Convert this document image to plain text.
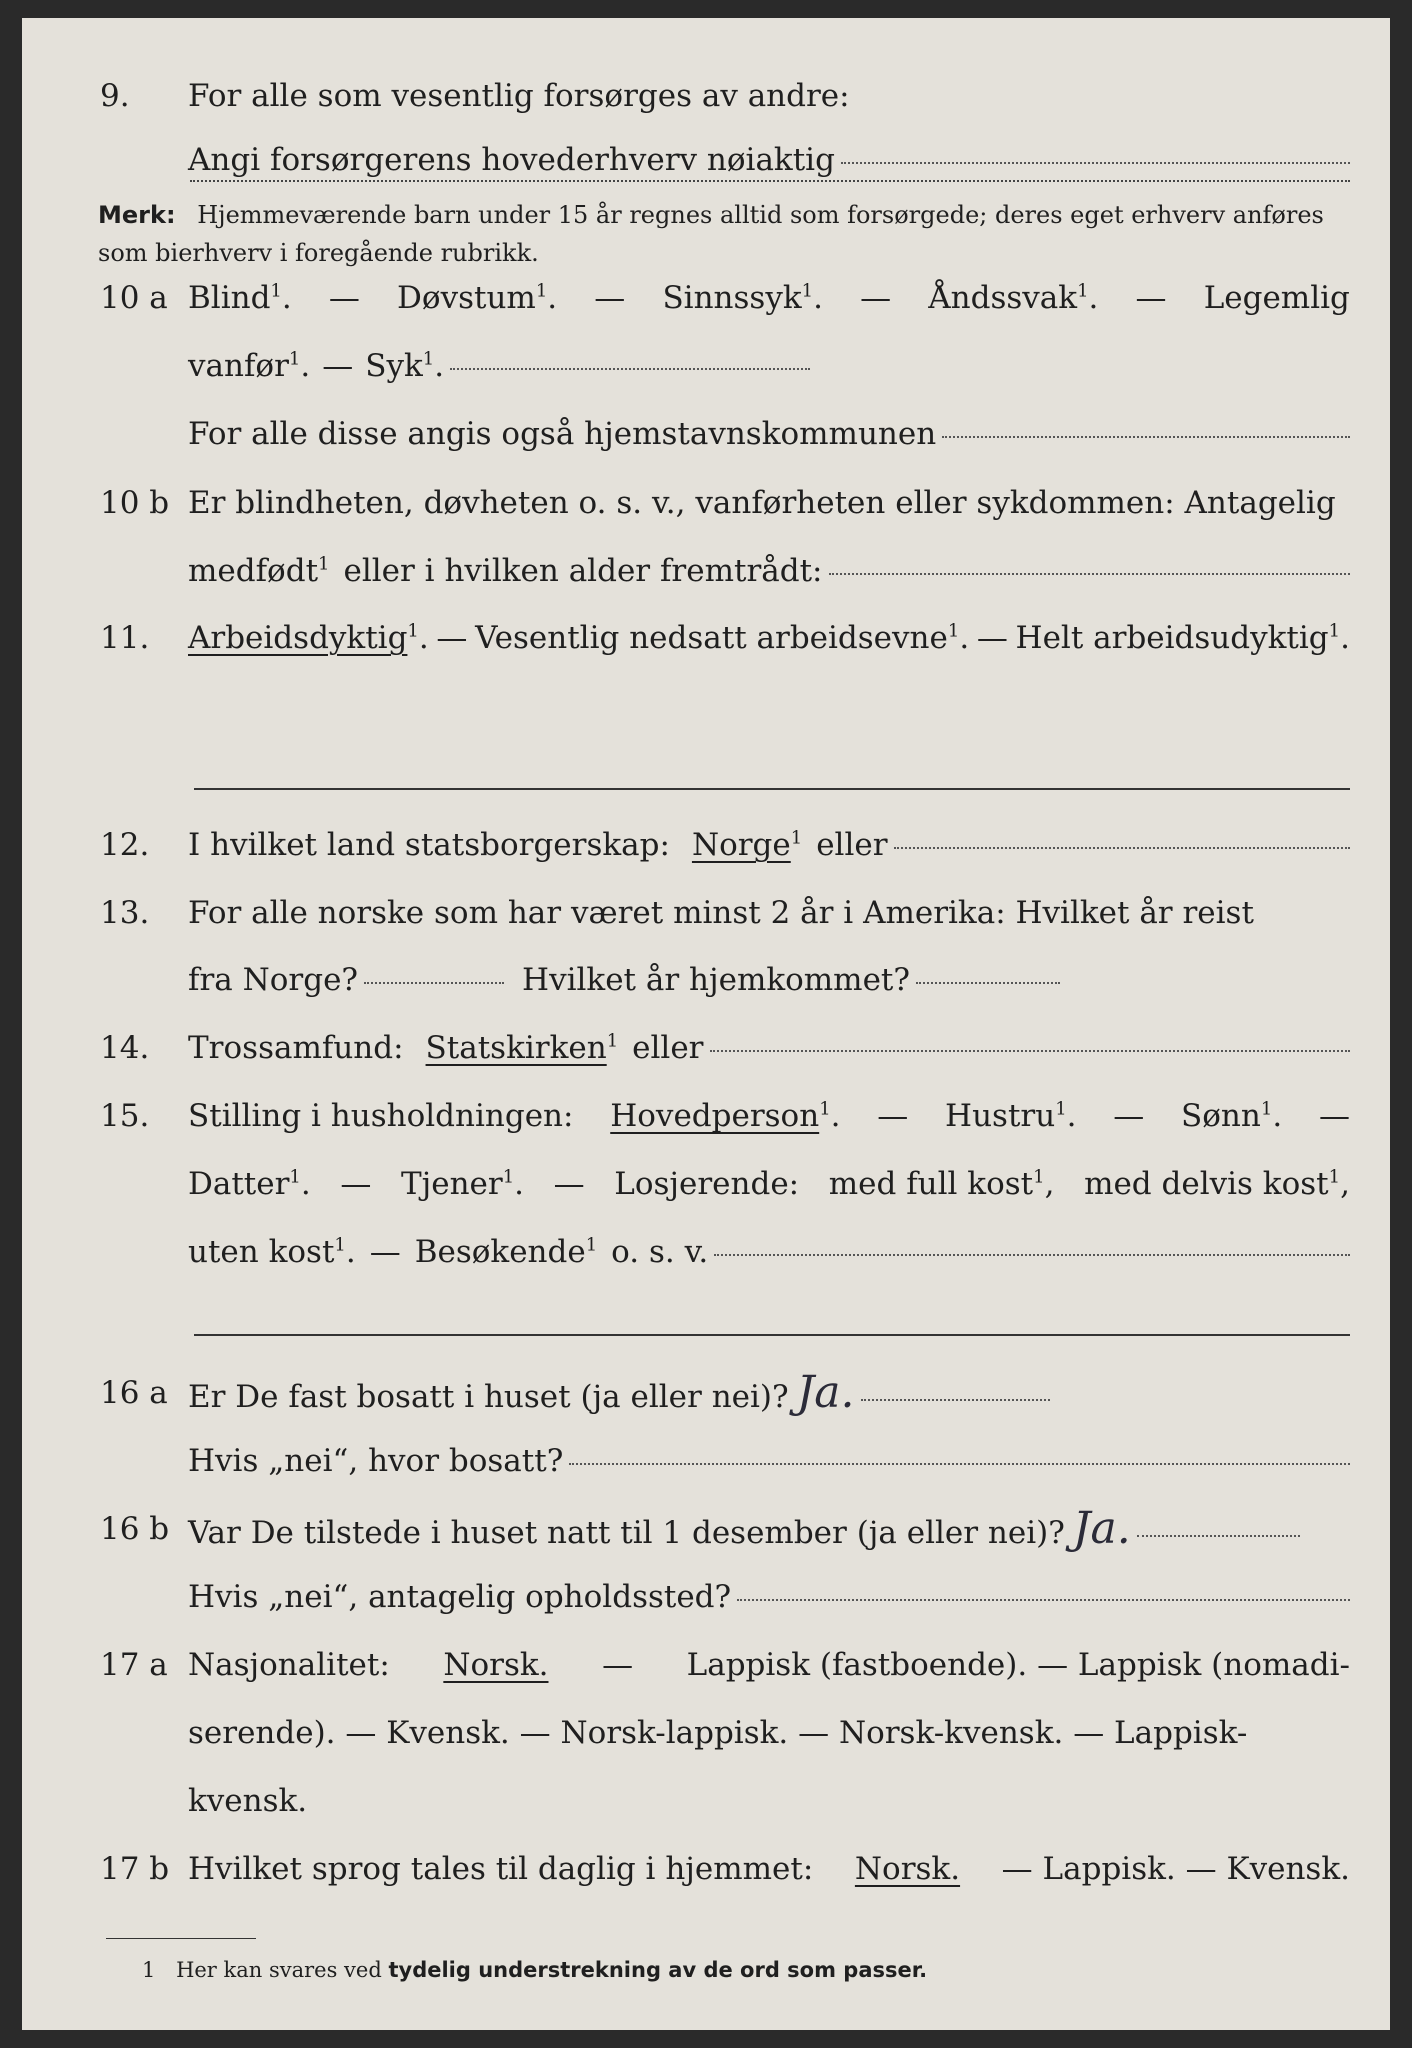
9. For alle som vesentlig forsørges av andre:
Angi forsørgerens hovederhverv nøiaktig
Merk: Hjemmeværende barn under 15 år regnes alltid som forsørgede; deres eget erhverv anføres som bierhverv i foregående rubrikk.
10 a Blind$^1$. — Døvstum$^1$. — Sinnssyk$^1$. — Åndssvak$^1$. — Legemlig
vanfør$^1$. — Syk$^1$.
For alle disse angis også hjemstavnskommunen
10 b Er blindheten, døvheten o. s. v., vanførheten eller sykdommen: Antagelig
medfødt$^1$ eller i hvilken alder fremtrådt:
11. Arbeidsdyktig$^1$. — Vesentlig nedsatt arbeidsevne$^1$. — Helt arbeidsudyktig$^1$.
12. I hvilket land statsborgerskap: Norge$^1$ eller
13. For alle norske som har været minst 2 år i Amerika: Hvilket år reist
fra Norge?	Hvilket år hjemkommet?
14. Trossamfund: Statskirken$^1$ eller
15. Stilling i husholdningen: Hovedperson$^1$. — Hustru$^1$. — Sønn$^1$. —
Datter$^1$. — Tjener$^1$. — Losjerende: med full kost$^1$, med delvis kost$^1$,
uten kost$^1$. — Besøkende$^1$ o. s. v.
16 a Er De fast bosatt i huset (ja eller nei)? Ja.
Hvis „nei“, hvor bosatt?
16 b Var De tilstede i huset natt til 1 desember (ja eller nei)? Ja.
Hvis „nei“, antagelig opholdssted?
17 a Nasjonalitet: Norsk. — Lappisk (fastboende). — Lappisk (nomadi-
serende). — Kvensk. — Norsk-lappisk. — Norsk-kvensk. — Lappisk-
kvensk.
17 b Hvilket sprog tales til daglig i hjemmet: Norsk. — Lappisk. — Kvensk.
1 Her kan svares ved tydelig understrekning av de ord som passer.
